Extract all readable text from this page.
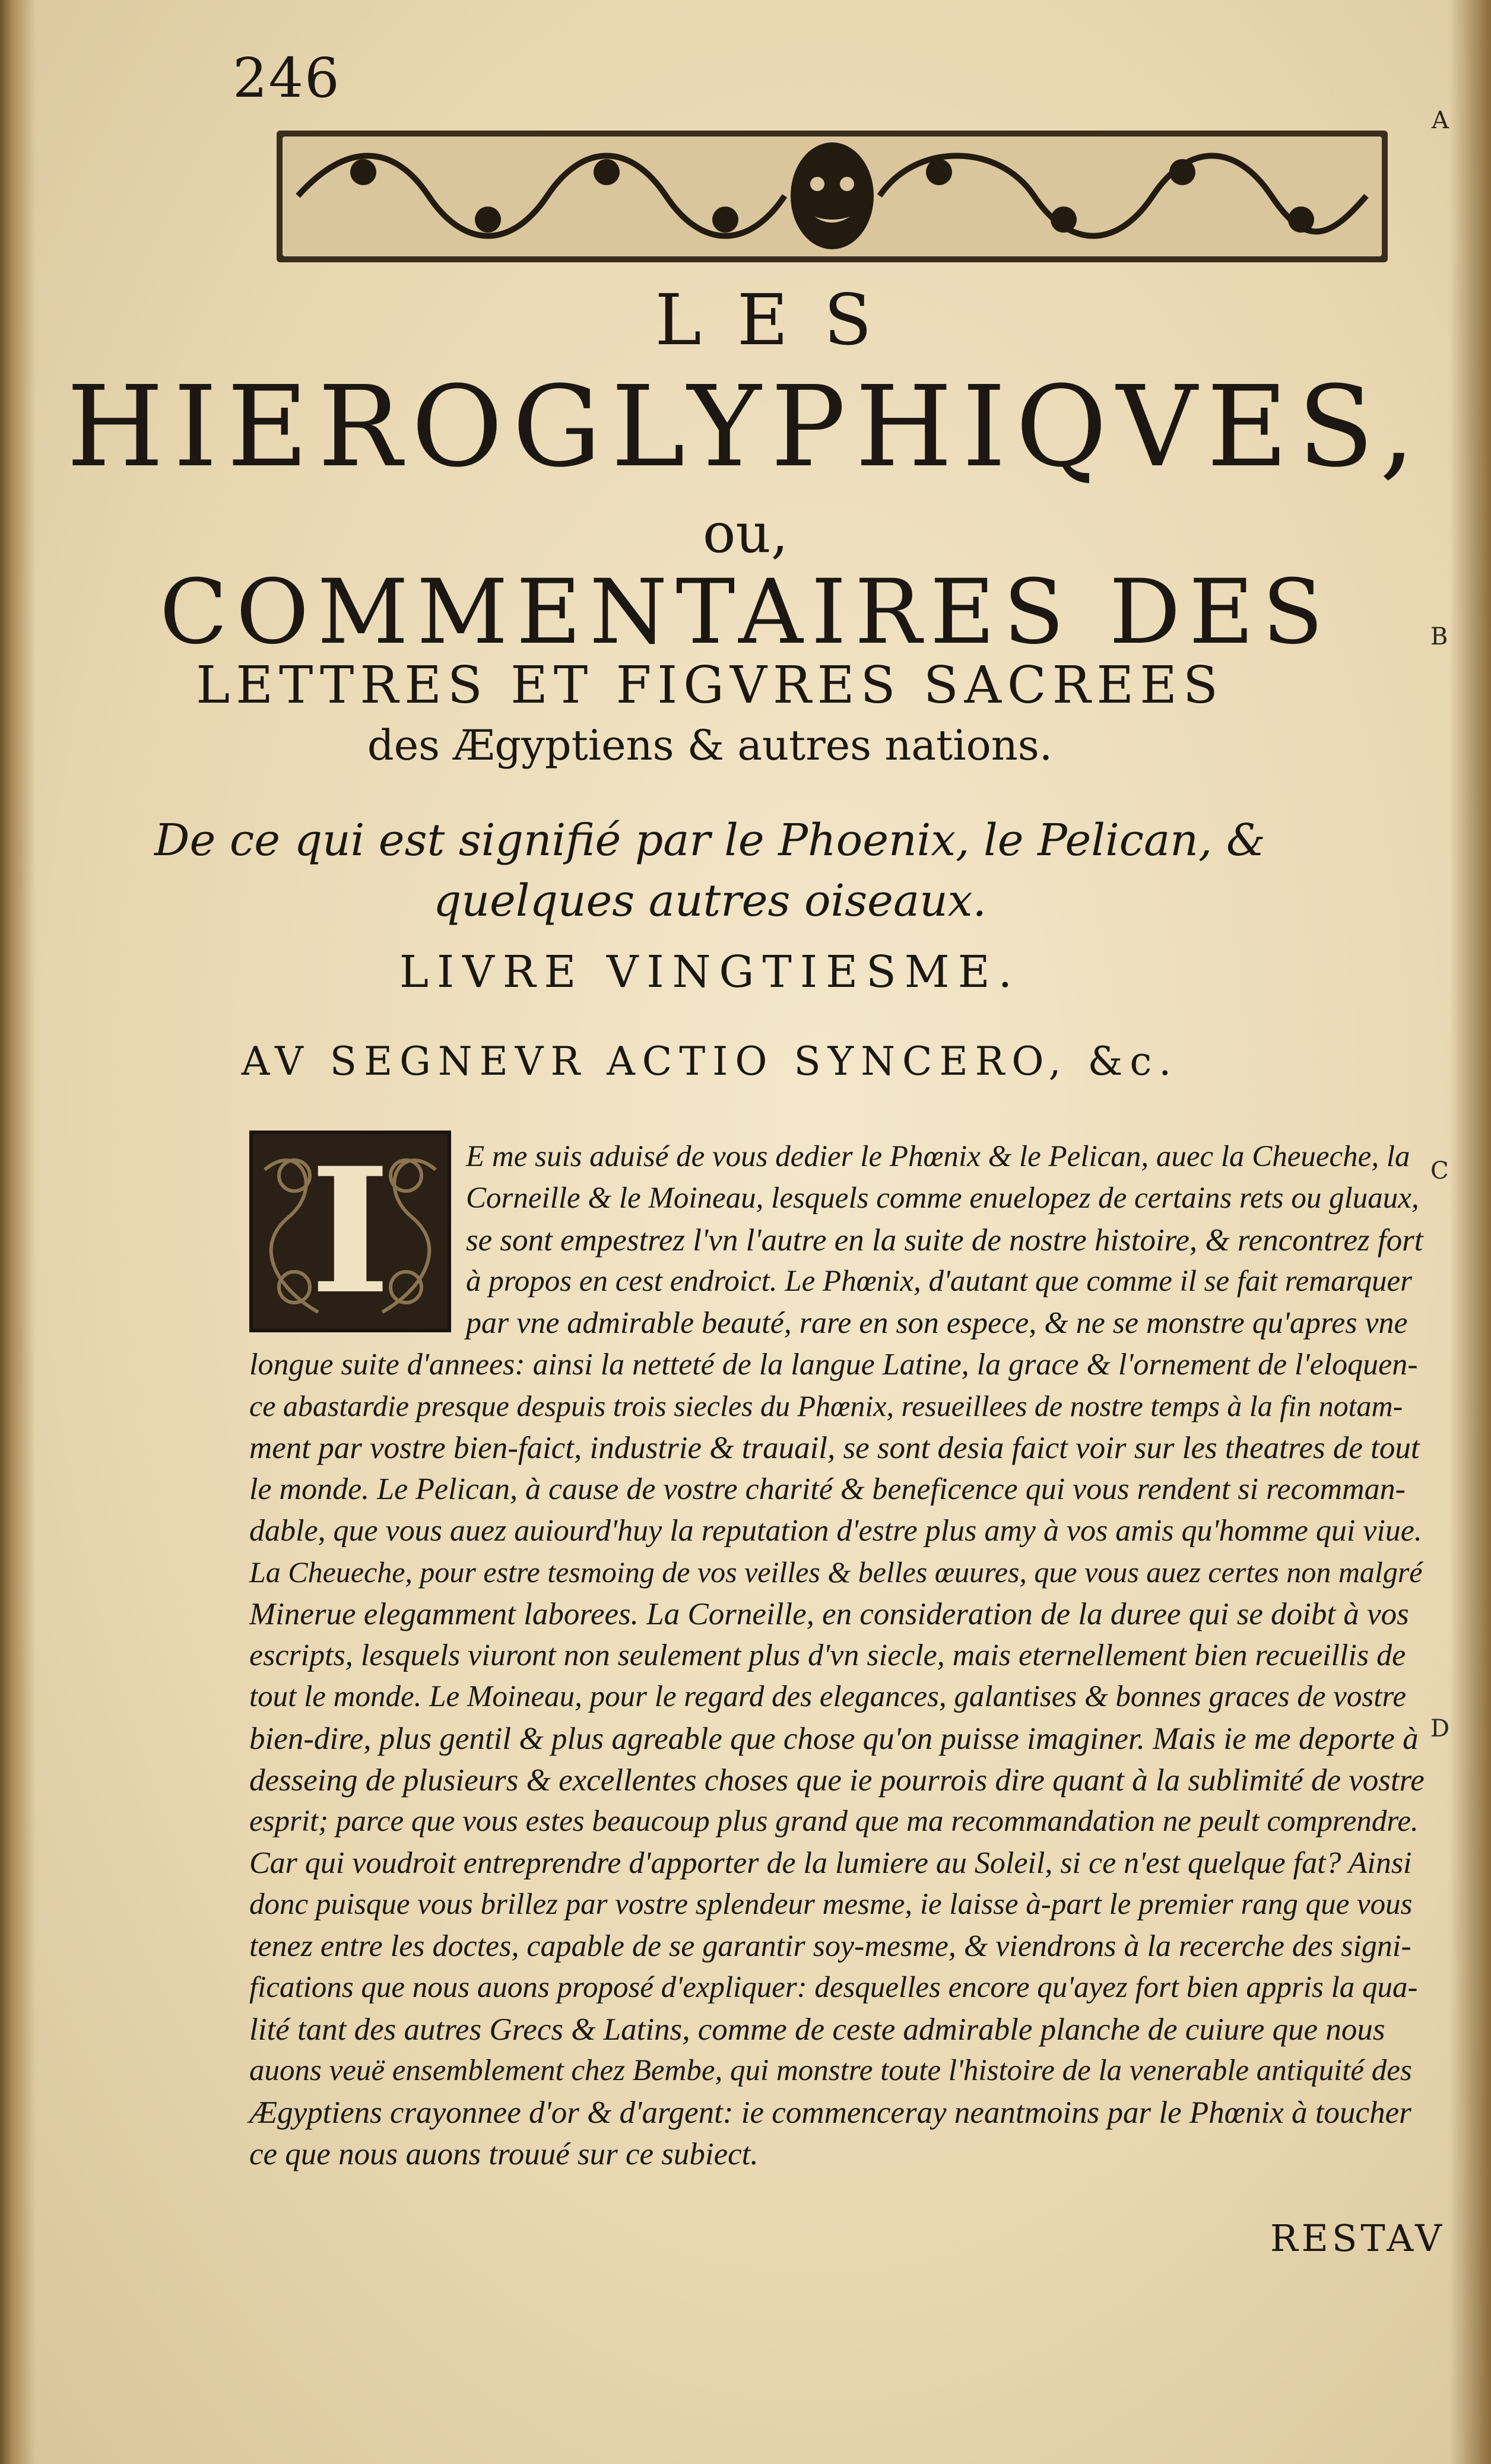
246
A
B
C
D
LES
HIEROGLYPHIQVES,
ou,
COMMENTAIRES DES
LETTRES ET FIGVRES SACREES
des Ægyptiens & autres nations.
De ce qui est signifié par le Phoenix, le Pelican, &
quelques autres oiseaux.
LIVRE VINGTIESME.
AV SEGNEVR ACTIO SYNCERO, &c.
I	E me suis aduisé de vous dedier le Phœnix & le Pelican, auec la Cheueche, la
Corneille & le Moineau, lesquels comme enuelopez de certains rets ou gluaux,
se sont empestrez l'vn l'autre en la suite de nostre histoire, & rencontrez fort
à propos en cest endroict. Le Phœnix, d'autant que comme il se fait remarquer
par vne admirable beauté, rare en son espece, & ne se monstre qu'apres vne
longue suite d'annees: ainsi la netteté de la langue Latine, la grace & l'ornement de l'eloquen-
ce abastardie presque despuis trois siecles du Phœnix, resueillees de nostre temps à la fin notam-
ment par vostre bien-faict, industrie & trauail, se sont desia faict voir sur les theatres de tout
le monde. Le Pelican, à cause de vostre charité & beneficence qui vous rendent si recomman-
dable, que vous auez auiourd'huy la reputation d'estre plus amy à vos amis qu'homme qui viue.
La Cheueche, pour estre tesmoing de vos veilles & belles œuures, que vous auez certes non malgré
Minerue elegamment laborees. La Corneille, en consideration de la duree qui se doibt à vos
escripts, lesquels viuront non seulement plus d'vn siecle, mais eternellement bien recueillis de
tout le monde. Le Moineau, pour le regard des elegances, galantises & bonnes graces de vostre
bien-dire, plus gentil & plus agreable que chose qu'on puisse imaginer. Mais ie me deporte à
desseing de plusieurs & excellentes choses que ie pourrois dire quant à la sublimité de vostre
esprit; parce que vous estes beaucoup plus grand que ma recommandation ne peult comprendre.
Car qui voudroit entreprendre d'apporter de la lumiere au Soleil, si ce n'est quelque fat? Ainsi
donc puisque vous brillez par vostre splendeur mesme, ie laisse à-part le premier rang que vous
tenez entre les doctes, capable de se garantir soy-mesme, & viendrons à la recerche des signi-
fications que nous auons proposé d'expliquer: desquelles encore qu'ayez fort bien appris la qua-
lité tant des autres Grecs & Latins, comme de ceste admirable planche de cuiure que nous
auons veuë ensemblement chez Bembe, qui monstre toute l'histoire de la venerable antiquité des
Ægyptiens crayonnee d'or & d'argent: ie commenceray neantmoins par le Phœnix à toucher
ce que nous auons trouué sur ce subiect.
RESTAV
